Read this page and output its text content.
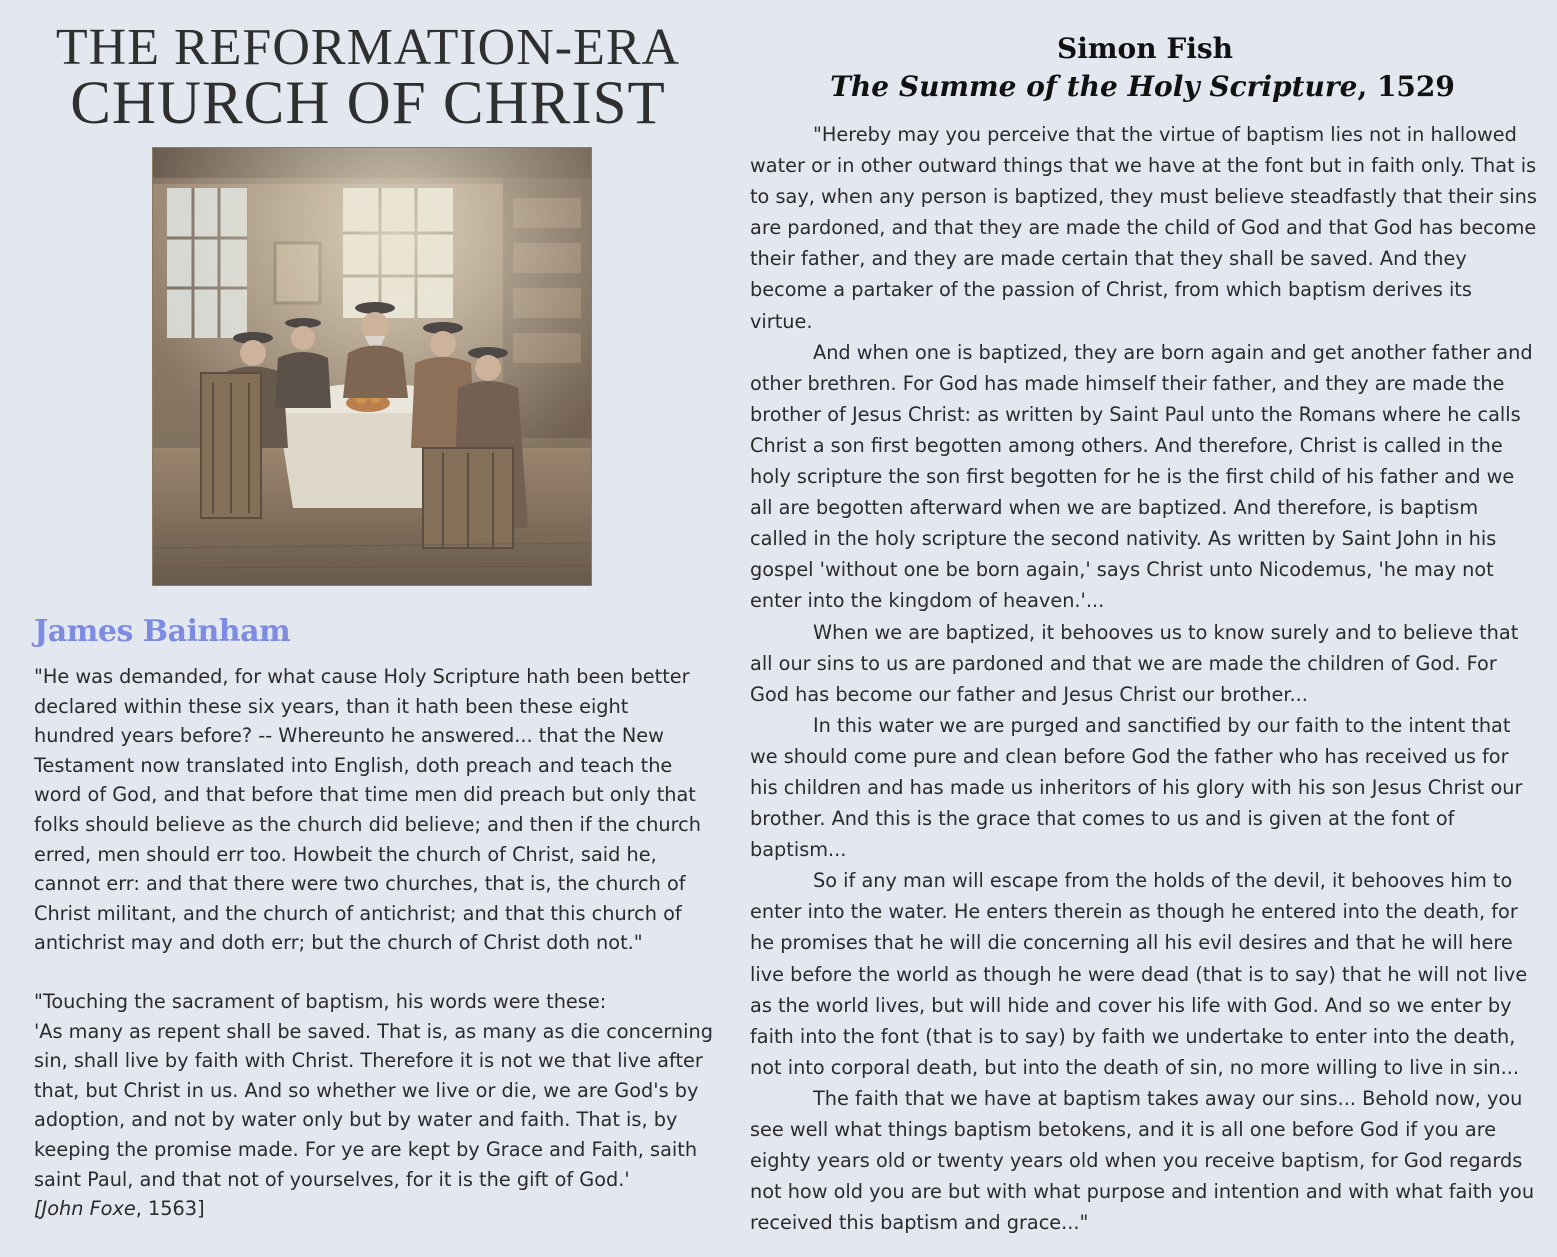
THE REFORMATION-ERA
CHURCH OF CHRIST
James Bainham

"He was demanded, for what cause Holy Scripture hath been better declared within these six years, than it hath been these eight hundred years before? -- Whereunto he answered... that the New Testament now translated into English, doth preach and teach the word of God, and that before that time men did preach but only that folks should believe as the church did believe; and then if the church erred, men should err too. Howbeit the church of Christ, said he, cannot err: and that there were two churches, that is, the church of Christ militant, and the church of antichrist; and that this church of antichrist may and doth err; but the church of Christ doth not."

"Touching the sacrament of baptism, his words were these:

'As many as repent shall be saved. That is, as many as die concerning sin, shall live by faith with Christ. Therefore it is not we that live after that, but Christ in us. And so whether we live or die, we are God's by adoption, and not by water only but by water and faith. That is, by keeping the promise made. For ye are kept by Grace and Faith, saith saint Paul, and that not of yourselves, for it is the gift of God.'

[John Foxe, 1563]

Simon Fish
The Summe of the Holy Scripture, 1529

"Hereby may you perceive that the virtue of baptism lies not in hallowed water or in other outward things that we have at the font but in faith only. That is to say, when any person is baptized, they must believe steadfastly that their sins are pardoned, and that they are made the child of God and that God has become their father, and they are made certain that they shall be saved. And they become a partaker of the passion of Christ, from which baptism derives its virtue.

And when one is baptized, they are born again and get another father and other brethren. For God has made himself their father, and they are made the brother of Jesus Christ: as written by Saint Paul unto the Romans where he calls Christ a son first begotten among others. And therefore, Christ is called in the holy scripture the son first begotten for he is the first child of his father and we all are begotten afterward when we are baptized. And therefore, is baptism called in the holy scripture the second nativity. As written by Saint John in his gospel 'without one be born again,' says Christ unto Nicodemus, 'he may not enter into the kingdom of heaven.'...

When we are baptized, it behooves us to know surely and to believe that all our sins to us are pardoned and that we are made the children of God. For God has become our father and Jesus Christ our brother...

In this water we are purged and sanctified by our faith to the intent that we should come pure and clean before God the father who has received us for his children and has made us inheritors of his glory with his son Jesus Christ our brother. And this is the grace that comes to us and is given at the font of baptism...

So if any man will escape from the holds of the devil, it behooves him to enter into the water. He enters therein as though he entered into the death, for he promises that he will die concerning all his evil desires and that he will here live before the world as though he were dead (that is to say) that he will not live as the world lives, but will hide and cover his life with God. And so we enter by faith into the font (that is to say) by faith we undertake to enter into the death, not into corporal death, but into the death of sin, no more willing to live in sin...

The faith that we have at baptism takes away our sins... Behold now, you see well what things baptism betokens, and it is all one before God if you are eighty years old or twenty years old when you receive baptism, for God regards not how old you are but with what purpose and intention and with what faith you received this baptism and grace..."
